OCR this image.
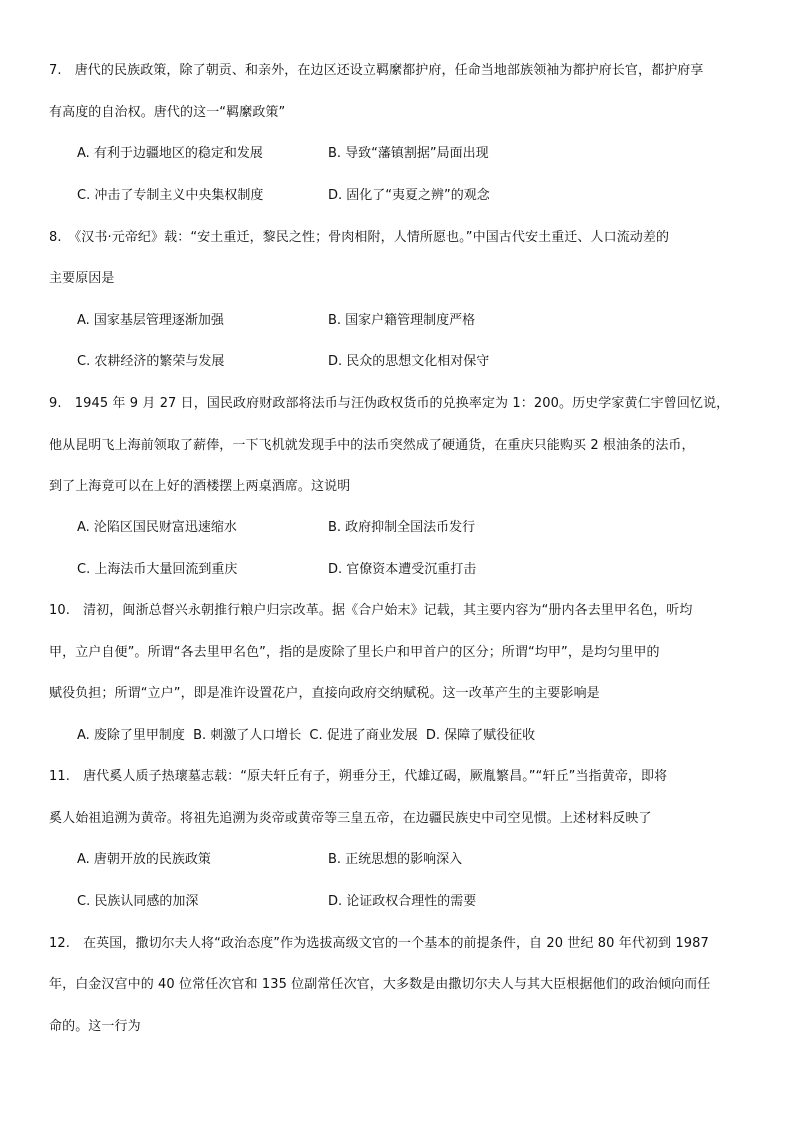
7.　唐代的民族政策，除了朝贡、和亲外，在边区还设立羁縻都护府，任命当地部族领袖为都护府长官，都护府享
有高度的自治权。唐代的这一“羁縻政策”
A. 有利于边疆地区的稳定和发展	B. 导致“藩镇割据”局面出现
C. 冲击了专制主义中央集权制度	D. 固化了“夷夏之辨”的观念
8.　《汉书·元帝纪》载：“安土重迁，黎民之性；骨肉相附，人情所愿也。”中国古代安土重迁、人口流动差的
主要原因是
A. 国家基层管理逐渐加强	B. 国家户籍管理制度严格
C. 农耕经济的繁荣与发展	D. 民众的思想文化相对保守
9.　1945 年 9 月 27 日，国民政府财政部将法币与汪伪政权货币的兑换率定为 1：200。历史学家黄仁宇曾回忆说，
他从昆明飞上海前领取了薪俸，一下飞机就发现手中的法币突然成了硬通货，在重庆只能购买 2 根油条的法币，
到了上海竟可以在上好的酒楼摆上两桌酒席。这说明
A. 沦陷区国民财富迅速缩水	B. 政府抑制全国法币发行
C. 上海法币大量回流到重庆	D. 官僚资本遭受沉重打击
10.　清初，闽浙总督兴永朝推行粮户归宗改革。据《合户始末》记载，其主要内容为“册内各去里甲名色，听均
甲，立户自便”。所谓“各去里甲名色”，指的是废除了里长户和甲首户的区分；所谓“均甲”，是均匀里甲的
赋役负担；所谓“立户”，即是准许设置花户，直接向政府交纳赋税。这一改革产生的主要影响是
A. 废除了里甲制度 B. 刺激了人口增长 C. 促进了商业发展 D. 保障了赋役征收
11.　唐代奚人质子热瓌墓志载：“原夫轩丘有子，朔垂分王，代雄辽碣，厥胤繁昌。”“轩丘”当指黄帝，即将
奚人始祖追溯为黄帝。将祖先追溯为炎帝或黄帝等三皇五帝，在边疆民族史中司空见惯。上述材料反映了
A. 唐朝开放的民族政策	B. 正统思想的影响深入
C. 民族认同感的加深	D. 论证政权合理性的需要
12.　在英国，撒切尔夫人将“政治态度”作为选拔高级文官的一个基本的前提条件，自 20 世纪 80 年代初到 1987
年，白金汉宫中的 40 位常任次官和 135 位副常任次官，大多数是由撒切尔夫人与其大臣根据他们的政治倾向而任
命的。这一行为
